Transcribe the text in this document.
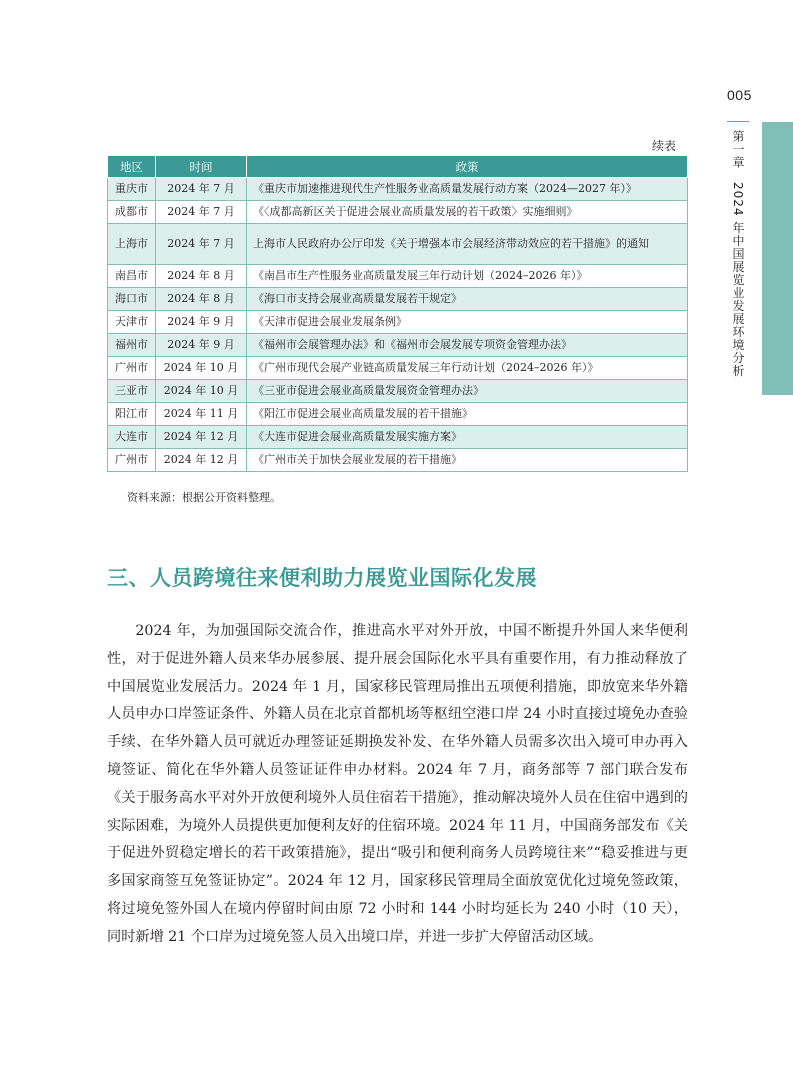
005
第一章　2024 年中国展览业发展环境分析
续表
地区	时间	政策
重庆市	2024 年 7 月	《重庆市加速推进现代生产性服务业高质量发展行动方案（2024—2027 年）》
成都市	2024 年 7 月	《〈成都高新区关于促进会展业高质量发展的若干政策〉实施细则》
上海市	2024 年 7 月	上海市人民政府办公厅印发《关于增强本市会展经济带动效应的若干措施》的通知
南昌市	2024 年 8 月	《南昌市生产性服务业高质量发展三年行动计划（2024–2026 年）》
海口市	2024 年 8 月	《海口市支持会展业高质量发展若干规定》
天津市	2024 年 9 月	《天津市促进会展业发展条例》
福州市	2024 年 9 月	《福州市会展管理办法》和《福州市会展发展专项资金管理办法》
广州市	2024 年 10 月	《广州市现代会展产业链高质量发展三年行动计划（2024–2026 年）》
三亚市	2024 年 10 月	《三亚市促进会展业高质量发展资金管理办法》
阳江市	2024 年 11 月	《阳江市促进会展业高质量发展的若干措施》
大连市	2024 年 12 月	《大连市促进会展业高质量发展实施方案》
广州市	2024 年 12 月	《广州市关于加快会展业发展的若干措施》
资料来源：根据公开资料整理。
三、人员跨境往来便利助力展览业国际化发展

2024 年，为加强国际交流合作，推进高水平对外开放，中国不断提升外国人来华便利性，对于促进外籍人员来华办展参展、提升展会国际化水平具有重要作用，有力推动释放了中国展览业发展活力。2024 年 1 月，国家移民管理局推出五项便利措施，即放宽来华外籍人员申办口岸签证条件、外籍人员在北京首都机场等枢纽空港口岸 24 小时直接过境免办查验手续、在华外籍人员可就近办理签证延期换发补发、在华外籍人员需多次出入境可申办再入境签证、简化在华外籍人员签证证件申办材料。2024 年 7 月，商务部等 7 部门联合发布《关于服务高水平对外开放便利境外人员住宿若干措施》，推动解决境外人员在住宿中遇到的实际困难，为境外人员提供更加便利友好的住宿环境。2024 年 11 月，中国商务部发布《关于促进外贸稳定增长的若干政策措施》，提出“吸引和便利商务人员跨境往来”“稳妥推进与更多国家商签互免签证协定”。2024 年 12 月，国家移民管理局全面放宽优化过境免签政策，将过境免签外国人在境内停留时间由原 72 小时和 144 小时均延长为 240 小时（10 天），同时新增 21 个口岸为过境免签人员入出境口岸，并进一步扩大停留活动区域。
